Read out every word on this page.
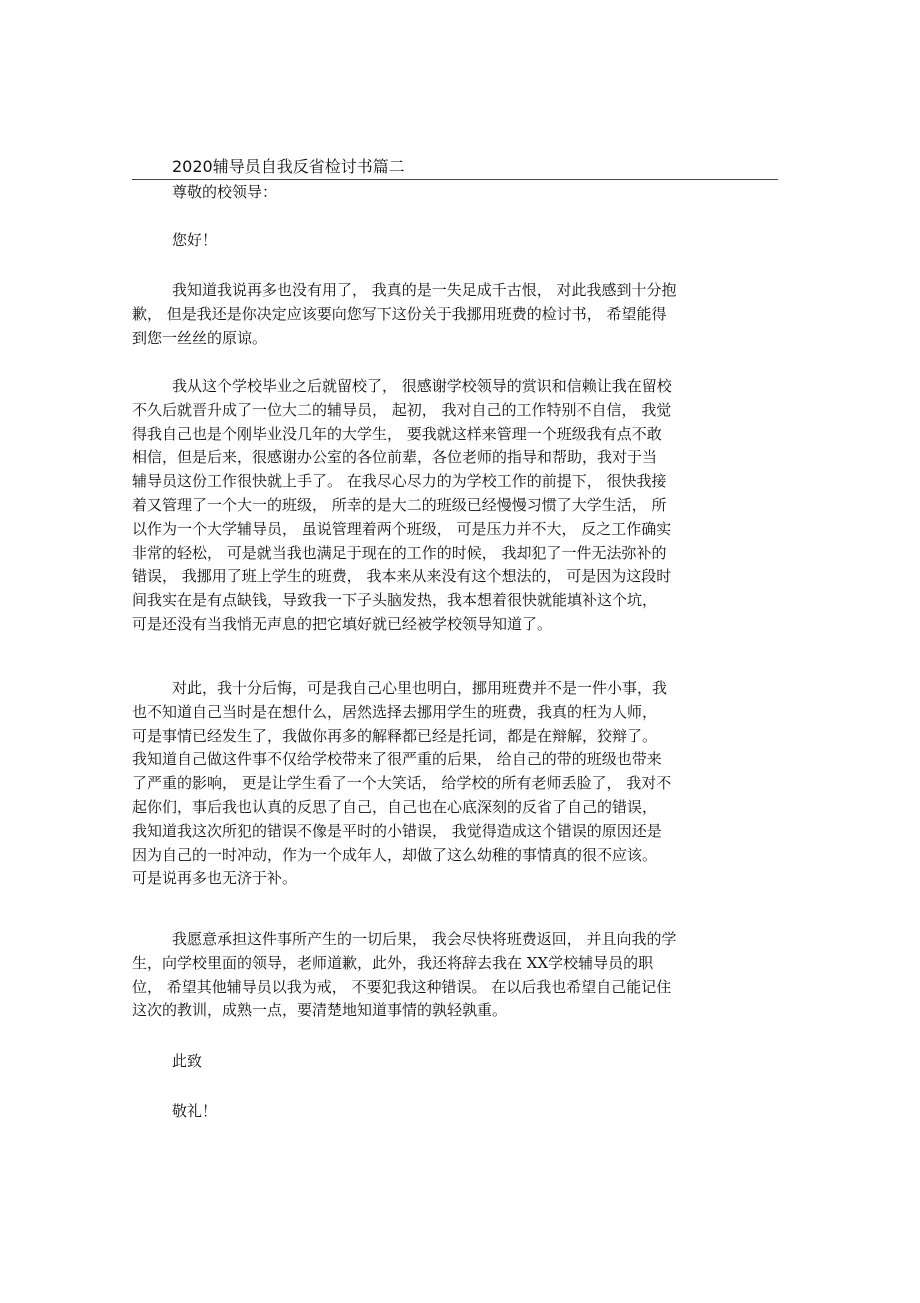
2020辅导员自我反省检讨书篇二
尊敬的校领导：
您好！
我知道我说再多也没有用了， 我真的是一失足成千古恨， 对此我感到十分抱
歉， 但是我还是你决定应该要向您写下这份关于我挪用班费的检讨书， 希望能得
到您一丝丝的原谅。
我从这个学校毕业之后就留校了， 很感谢学校领导的赏识和信赖让我在留校
不久后就晋升成了一位大二的辅导员， 起初， 我对自己的工作特别不自信， 我觉
得我自己也是个刚毕业没几年的大学生， 要我就这样来管理一个班级我有点不敢
相信，但是后来，很感谢办公室的各位前辈，各位老师的指导和帮助，我对于当
辅导员这份工作很快就上手了。 在我尽心尽力的为学校工作的前提下， 很快我接
着又管理了一个大一的班级， 所幸的是大二的班级已经慢慢习惯了大学生活， 所
以作为一个大学辅导员， 虽说管理着两个班级， 可是压力并不大， 反之工作确实
非常的轻松， 可是就当我也满足于现在的工作的时候， 我却犯了一件无法弥补的
错误， 我挪用了班上学生的班费， 我本来从来没有这个想法的， 可是因为这段时
间我实在是有点缺钱，导致我一下子头脑发热，我本想着很快就能填补这个坑，
可是还没有当我悄无声息的把它填好就已经被学校领导知道了。
对此，我十分后悔，可是我自己心里也明白，挪用班费并不是一件小事，我
也不知道自己当时是在想什么，居然选择去挪用学生的班费，我真的枉为人师，
可是事情已经发生了，我做你再多的解释都已经是托词，都是在辩解，狡辩了。
我知道自己做这件事不仅给学校带来了很严重的后果， 给自己的带的班级也带来
了严重的影响， 更是让学生看了一个大笑话， 给学校的所有老师丢脸了， 我对不
起你们，事后我也认真的反思了自己，自己也在心底深刻的反省了自己的错误，
我知道我这次所犯的错误不像是平时的小错误， 我觉得造成这个错误的原因还是
因为自己的一时冲动，作为一个成年人，却做了这么幼稚的事情真的很不应该。
可是说再多也无济于补。
我愿意承担这件事所产生的一切后果， 我会尽快将班费返回， 并且向我的学
生，向学校里面的领导，老师道歉，此外，我还将辞去我在 XX学校辅导员的职
位， 希望其他辅导员以我为戒， 不要犯我这种错误。 在以后我也希望自己能记住
这次的教训，成熟一点，要清楚地知道事情的孰轻孰重。
此致
敬礼！
